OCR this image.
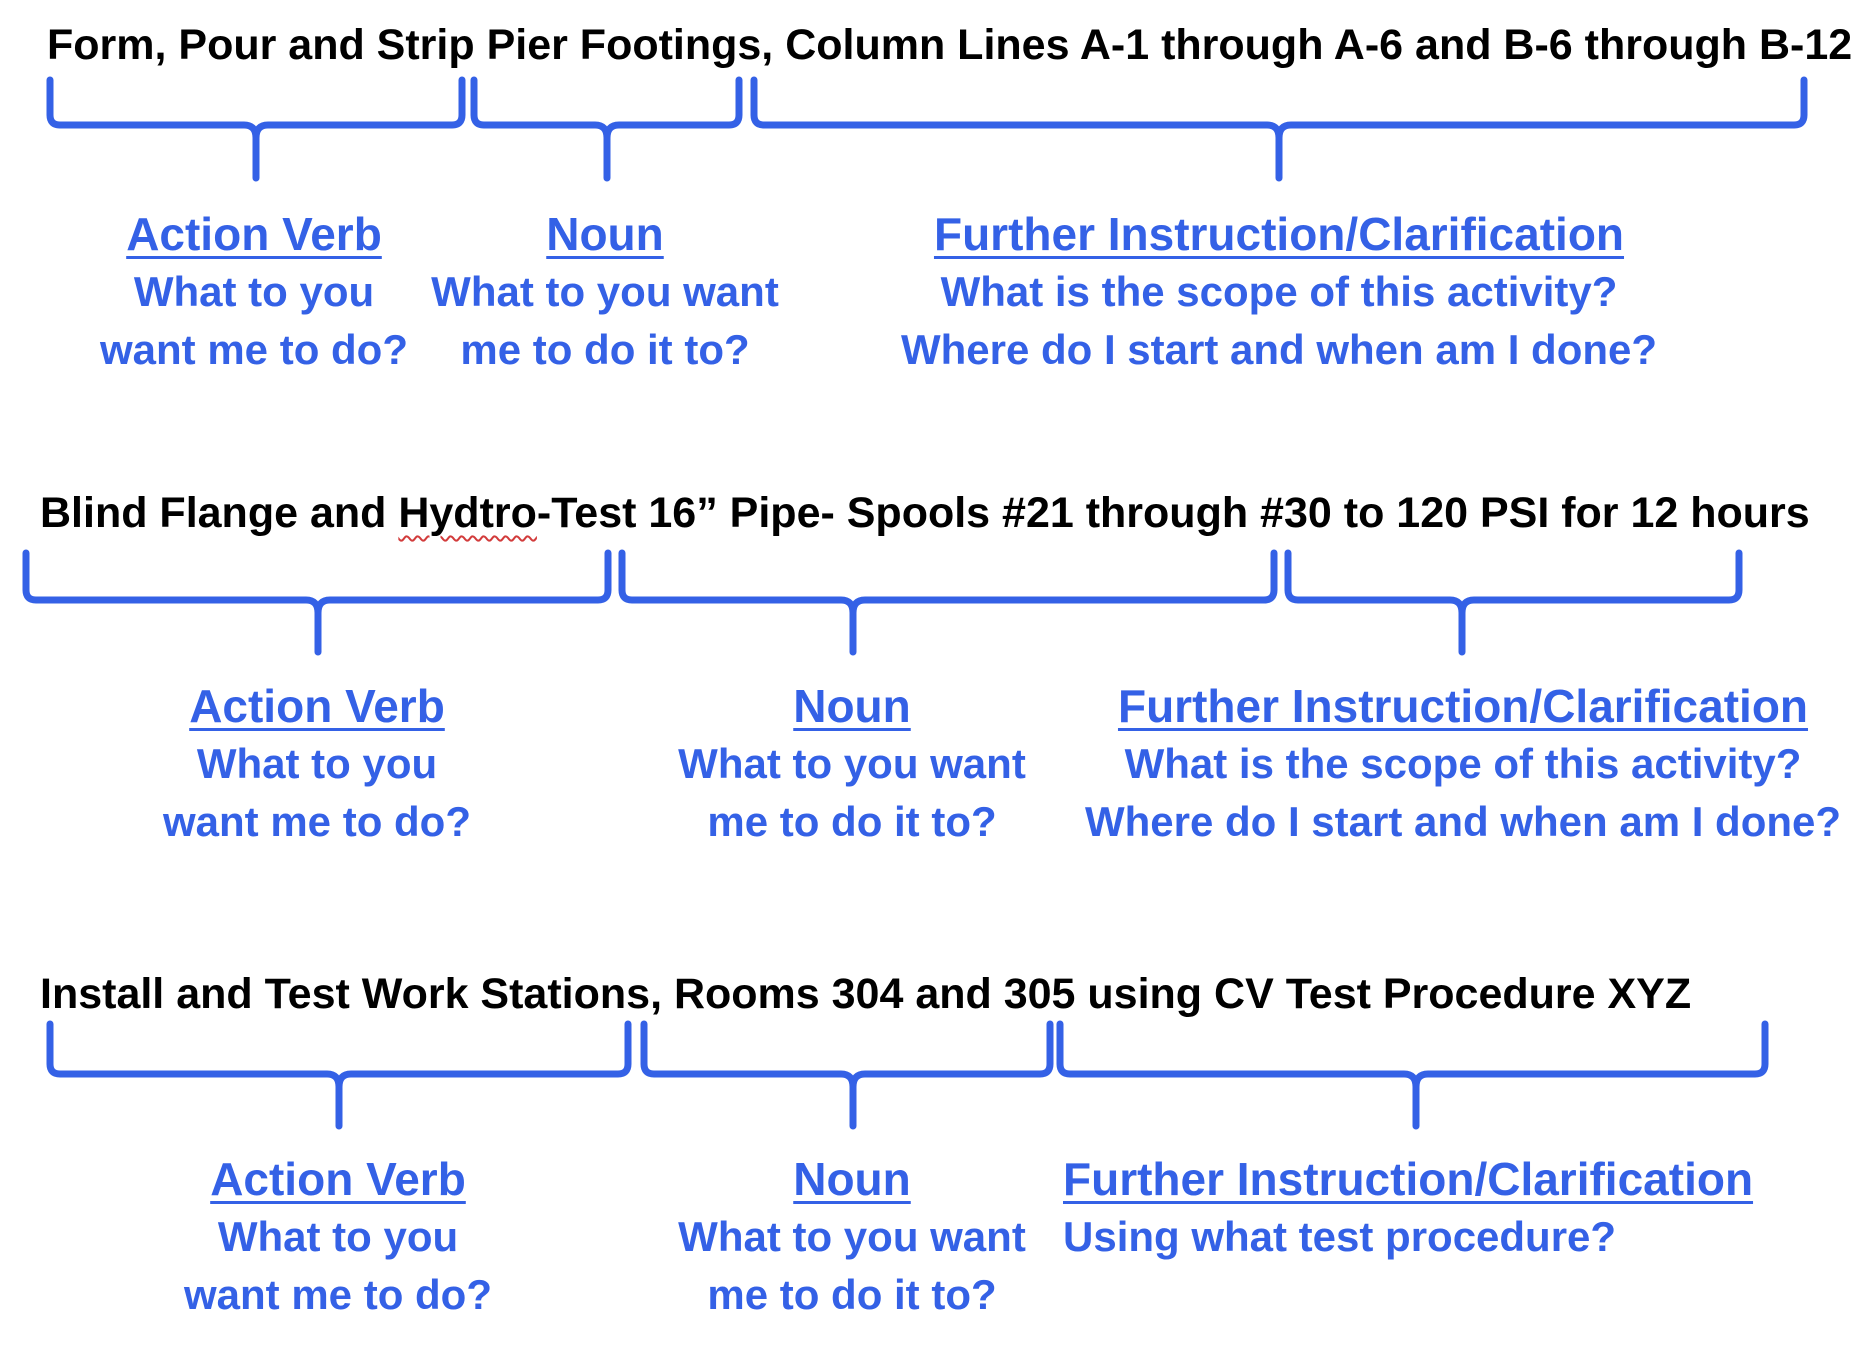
Form, Pour and Strip Pier Footings, Column Lines A-1 through A-6 and B-6 through B-12
Blind Flange and Hydtro-Test 16” Pipe- Spools #21 through #30 to 120 PSI for 12 hours
Install and Test Work Stations, Rooms 304 and 305 using CV Test Procedure XYZ
Action Verb
What to you
want me to do?
Noun
What to you want
me to do it to?
Further Instruction/Clarification
What is the scope of this activity?
Where do I start and when am I done?
Action Verb
What to you
want me to do?
Noun
What to you want
me to do it to?
Further Instruction/Clarification
What is the scope of this activity?
Where do I start and when am I done?
Action Verb
What to you
want me to do?
Noun
What to you want
me to do it to?
Further Instruction/Clarification
Using what test procedure?
